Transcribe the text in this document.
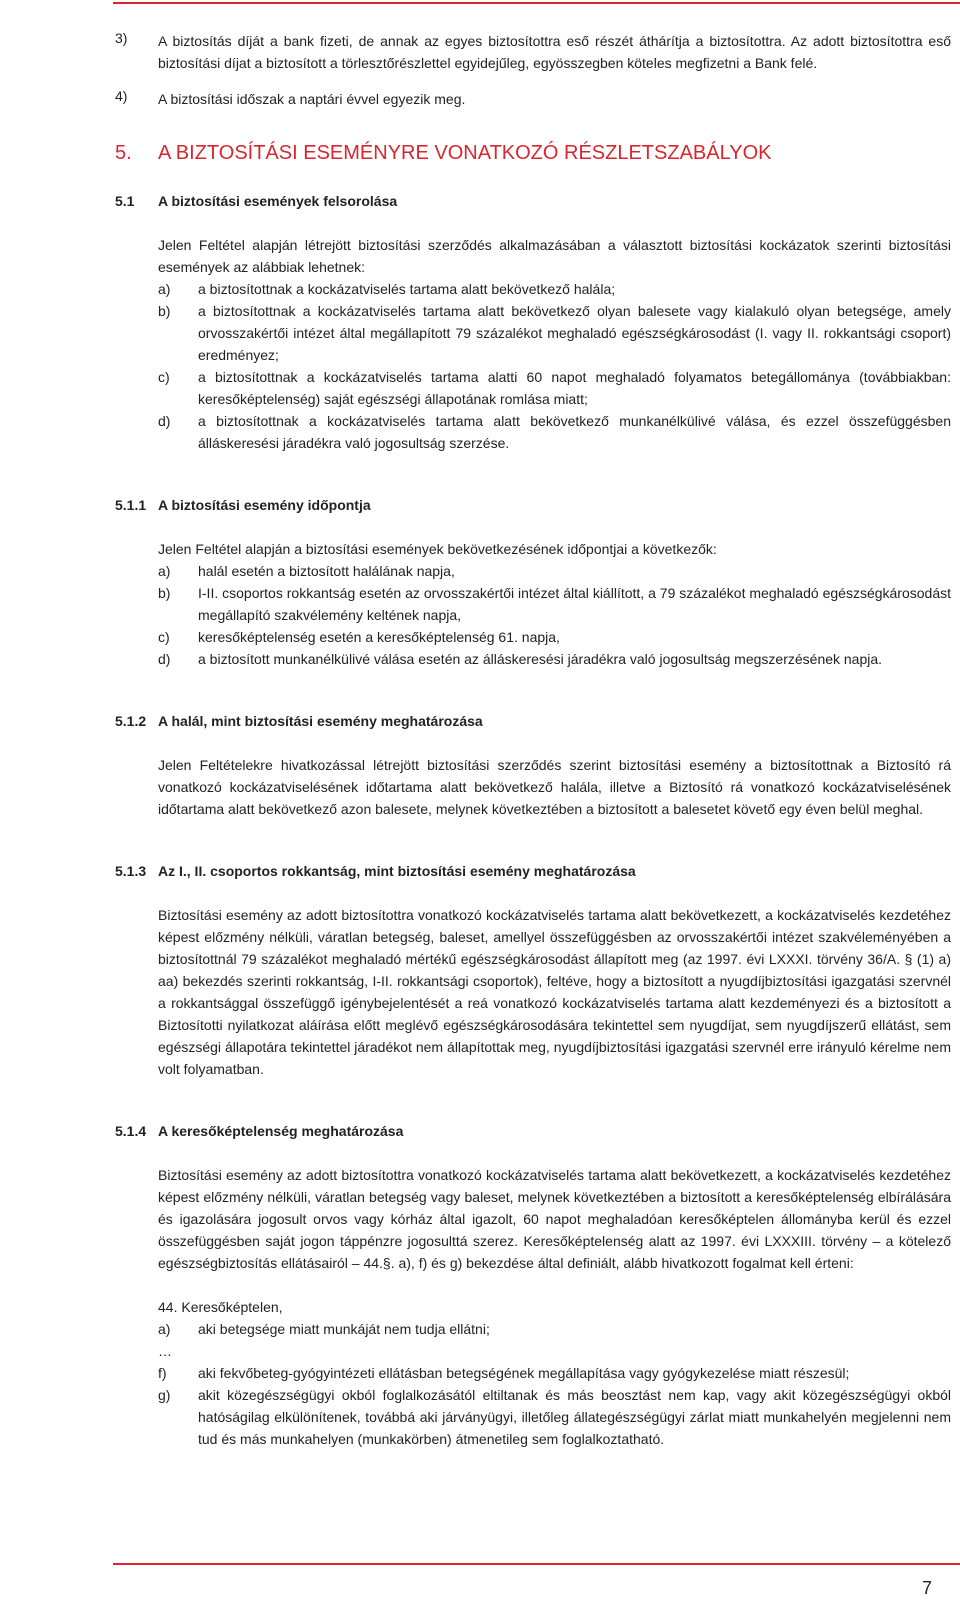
3)	A biztosítás díját a bank fizeti, de annak az egyes biztosítottra eső részét áthárítja a biztosítottra. Az adott biztosítottra eső biztosítási díjat a biztosított a törlesztőrészlettel egyidejűleg, egyösszegben köteles megfizetni a Bank felé.

4)	A biztosítási időszak a naptári évvel egyezik meg.

5.	A BIZTOSÍTÁSI ESEMÉNYRE VONATKOZÓ RÉSZLETSZABÁLYOK
5.1	A biztosítási események felsorolása

Jelen Feltétel alapján létrejött biztosítási szerződés alkalmazásában a választott biztosítási kockázatok szerinti biztosítási események az alábbiak lehetnek:

a)	a biztosítottnak a kockázatviselés tartama alatt bekövetkező halála;
b)	a biztosítottnak a kockázatviselés tartama alatt bekövetkező olyan balesete vagy kialakuló olyan betegsége, amely orvosszakértői intézet által megállapított 79 százalékot meghaladó egészségkárosodást (I. vagy II. rokkantsági csoport) eredményez;
c)	a biztosítottnak a kockázatviselés tartama alatti 60 napot meghaladó folyamatos betegállománya (továbbiakban: keresőképtelenség) saját egészségi állapotának romlása miatt;
d)	a biztosítottnak a kockázatviselés tartama alatt bekövetkező munkanélkülivé válása, és ezzel összefüggésben álláskeresési járadékra való jogosultság szerzése.
5.1.1 A biztosítási esemény időpontja

Jelen Feltétel alapján a biztosítási események bekövetkezésének időpontjai a következők:

a)	halál esetén a biztosított halálának napja,
b)	I-II. csoportos rokkantság esetén az orvosszakértői intézet által kiállított, a 79 százalékot meghaladó egészségkárosodást megállapító szakvélemény keltének napja,
c)	keresőképtelenség esetén a keresőképtelenség 61. napja,
d)	a biztosított munkanélkülivé válása esetén az álláskeresési járadékra való jogosultság megszerzésének napja.
5.1.2 A halál, mint biztosítási esemény meghatározása

Jelen Feltételekre hivatkozással létrejött biztosítási szerződés szerint biztosítási esemény a biztosítottnak a Biztosító rá vonatkozó kockázatviselésének időtartama alatt bekövetkező halála, illetve a Biztosító rá vonatkozó kockázatviselésének időtartama alatt bekövetkező azon balesete, melynek következtében a biztosított a balesetet követő egy éven belül meghal.

5.1.3 Az I., II. csoportos rokkantság, mint biztosítási esemény meghatározása

Biztosítási esemény az adott biztosítottra vonatkozó kockázatviselés tartama alatt bekövetkezett, a kockázatviselés kezdetéhez képest előzmény nélküli, váratlan betegség, baleset, amellyel összefüggésben az orvosszakértői intézet szakvéleményében a biztosítottnál 79 százalékot meghaladó mértékű egészségkárosodást állapított meg (az 1997. évi LXXXI. törvény 36/A. § (1) a) aa) bekezdés szerinti rokkantság, I-II. rokkantsági csoportok), feltéve, hogy a biztosított a nyugdíjbiztosítási igazgatási szervnél a rokkantsággal összefüggő igénybejelentését a reá vonatkozó kockázatviselés tartama alatt kezdeményezi és a biztosított a Biztosítotti nyilatkozat aláírása előtt meglévő egészségkárosodására tekintettel sem nyugdíjat, sem nyugdíjszerű ellátást, sem egészségi állapotára tekintettel járadékot nem állapítottak meg, nyugdíjbiztosítási igazgatási szervnél erre irányuló kérelme nem volt folyamatban.

5.1.4 A keresőképtelenség meghatározása

Biztosítási esemény az adott biztosítottra vonatkozó kockázatviselés tartama alatt bekövetkezett, a kockázatviselés kezdetéhez képest előzmény nélküli, váratlan betegség vagy baleset, melynek következtében a biztosított a keresőképtelenség elbírálására és igazolására jogosult orvos vagy kórház által igazolt, 60 napot meghaladóan keresőképtelen állományba kerül és ezzel összefüggésben saját jogon táppénzre jogosulttá szerez. Keresőképtelenség alatt az 1997. évi LXXXIII. törvény – a kötelező egészségbiztosítás ellátásairól – 44.§. a), f) és g) bekezdése által definiált, alább hivatkozott fogalmat kell érteni:

44. Keresőképtelen,

a)	aki betegsége miatt munkáját nem tudja ellátni;
…
f)	aki fekvőbeteg-gyógyintézeti ellátásban betegségének megállapítása vagy gyógykezelése miatt részesül;
g)	akit közegészségügyi okból foglalkozásától eltiltanak és más beosztást nem kap, vagy akit közegészségügyi okból hatóságilag elkülönítenek, továbbá aki járványügyi, illetőleg állategészségügyi zárlat miatt munkahelyén megjelenni nem tud és más munkahelyen (munkakörben) átmenetileg sem foglalkoztatható.
7
